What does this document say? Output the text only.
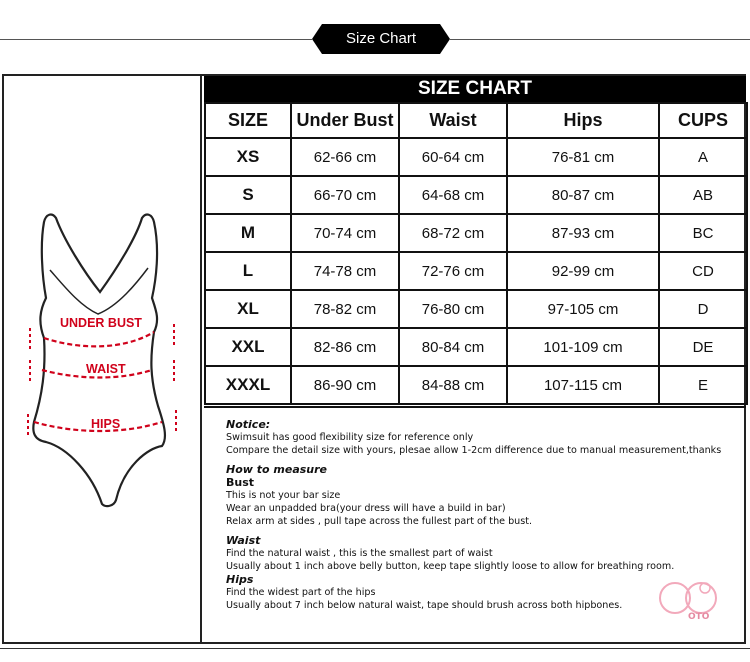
Size Chart
UNDER BUST
WAIST
HIPS
SIZE CHART
SIZE	Under Bust	Waist	Hips	CUPS
XS	62-66 cm	60-64 cm	76-81 cm	A
S	66-70 cm	64-68 cm	80-87 cm	AB
M	70-74 cm	68-72 cm	87-93 cm	BC
L	74-78 cm	72-76 cm	92-99 cm	CD
XL	78-82 cm	76-80 cm	97-105 cm	D
XXL	82-86 cm	80-84 cm	101-109 cm	DE
XXXL	86-90 cm	84-88 cm	107-115 cm	E
Notice:
Swimsuit has good flexibility size for reference only
Compare the detail size with yours, plesae allow 1-2cm difference due to manual measurement,thanks
How to measure
Bust
This is not your bar size
Wear an unpadded bra(your dress will have a build in bar)
Relax arm at sides , pull tape across the fullest part of the bust.
Waist
Find the natural waist , this is the smallest part of waist
Usually about 1 inch above belly button, keep tape slightly loose to allow for breathing room.
Hips
Find the widest part of the hips
Usually about 7 inch below natural waist, tape should brush across both hipbones.
OTO
